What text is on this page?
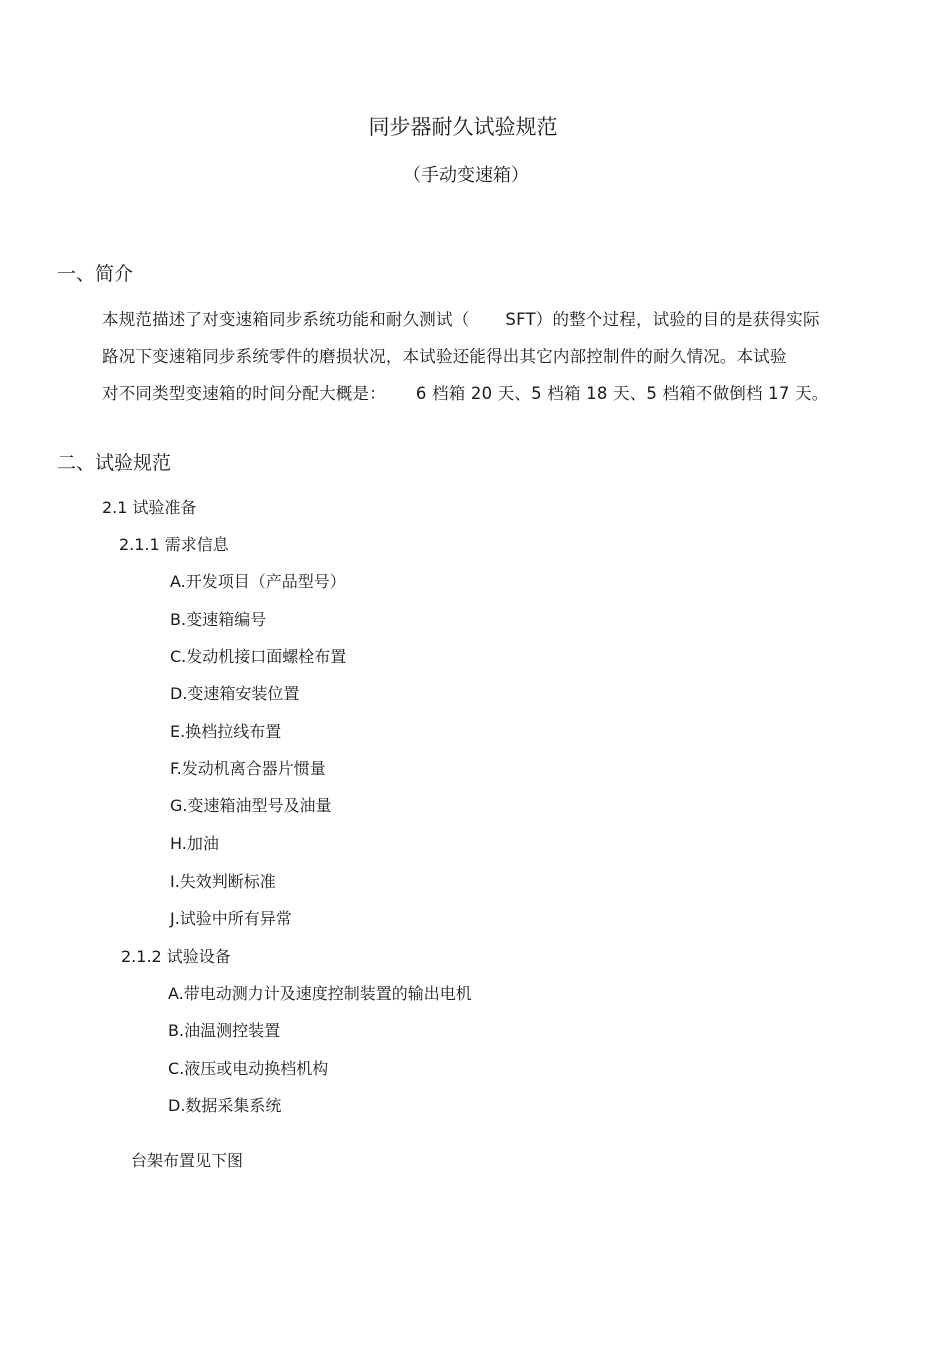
同步器耐久试验规范
（手动变速箱）
一、简介
本规范描述了对变速箱同步系统功能和耐久测试（ SFT）的整个过程，试验的目的是获得实际
路况下变速箱同步系统零件的磨损状况，本试验还能得出其它内部控制件的耐久情况。本试验
对不同类型变速箱的时间分配大概是： 6 档箱 20 天、5 档箱 18 天、5 档箱不做倒档 17 天。
二、试验规范
2.1 试验准备
2.1.1 需求信息
A.开发项目（产品型号）
B.变速箱编号
C.发动机接口面螺栓布置
D.变速箱安装位置
E.换档拉线布置
F.发动机离合器片惯量
G.变速箱油型号及油量
H.加油
I.失效判断标准
J.试验中所有异常
2.1.2 试验设备
A.带电动测力计及速度控制装置的输出电机
B.油温测控装置
C.液压或电动换档机构
D.数据采集系统
台架布置见下图
